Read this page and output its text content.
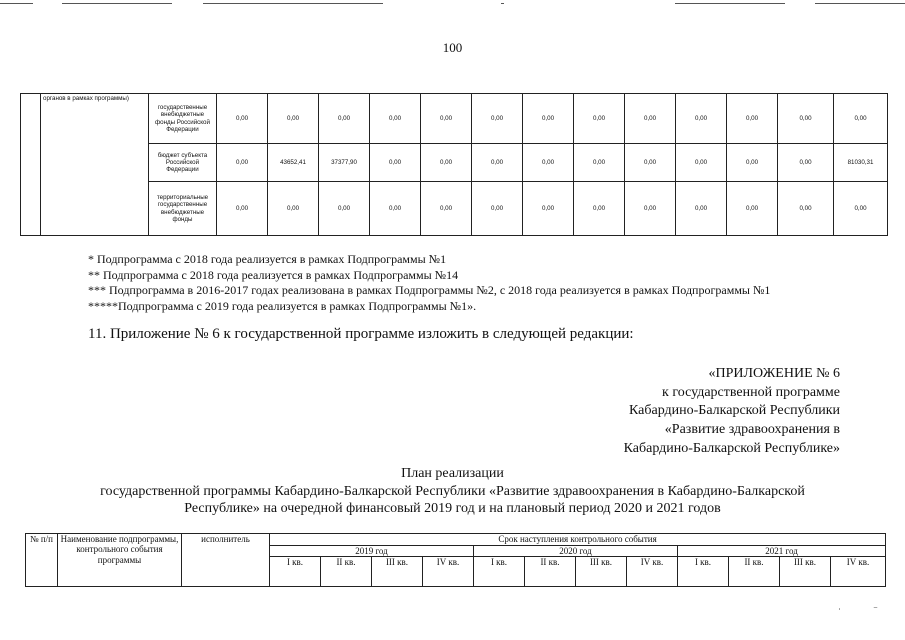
100
	органов в рамках программы)	государственные внебюджетные фонды Российской Федерации	0,00	0,00	0,00	0,00	0,00	0,00	0,00	0,00	0,00	0,00	0,00	0,00	0,00
		бюджет субъекта Российской Федерации	0,00	43652,41	37377,90	0,00	0,00	0,00	0,00	0,00	0,00	0,00	0,00	0,00	81030,31
		территориальные государственные внебюджетные фонды	0,00	0,00	0,00	0,00	0,00	0,00	0,00	0,00	0,00	0,00	0,00	0,00	0,00
* Подпрограмма с 2018 года реализуется в рамках Подпрограммы №1
** Подпрограмма с 2018 года реализуется в рамках Подпрограммы №14
*** Подпрограмма в 2016-2017 годах реализована в рамках Подпрограммы №2, с 2018 года реализуется в рамках Подпрограммы №1
*****Подпрограмма с 2019 года реализуется в рамках Подпрограммы №1».
11. Приложение № 6 к государственной программе изложить в следующей редакции:
«ПРИЛОЖЕНИЕ № 6
к государственной программе
Кабардино-Балкарской Республики
«Развитие здравоохранения в
Кабардино-Балкарской Республике»
План реализации
государственной программы Кабардино-Балкарской Республики «Развитие здравоохранения в Кабардино-Балкарской
Республике» на очередной финансовый 2019 год и на плановый период 2020 и 2021 годов
№ п/п	Наименование подпрограммы, контрольного события программы	исполнитель	Срок наступления контрольного события											
			2019 год				2020 год				2021 год			
			I кв.	II кв.	III кв.	IV кв.	I кв.	II кв.	III кв.	IV кв.	I кв.	II кв.	III кв.	IV кв.
˙	‾
